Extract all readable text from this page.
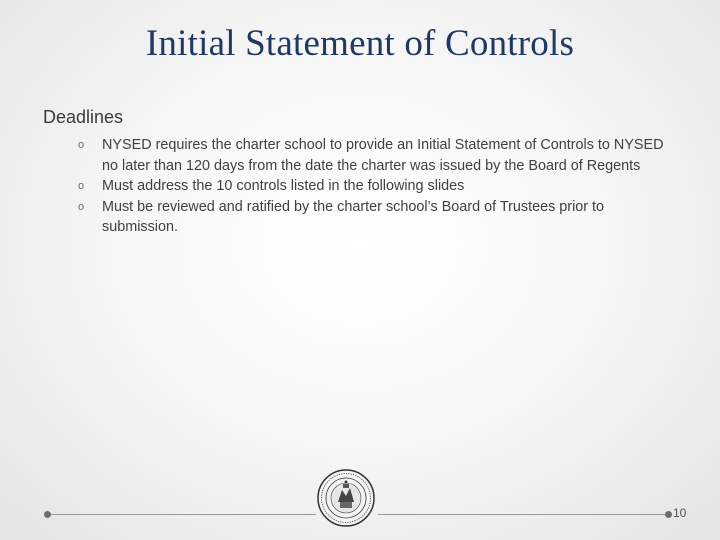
Initial Statement of Controls
Deadlines
o NYSED requires the charter school to provide an Initial Statement of Controls to NYSED no later than 120 days from the date the charter was issued by the Board of Regents
o Must address the 10 controls listed in the following slides
o Must be reviewed and ratified by the charter school’s Board of Trustees prior to submission.
10
